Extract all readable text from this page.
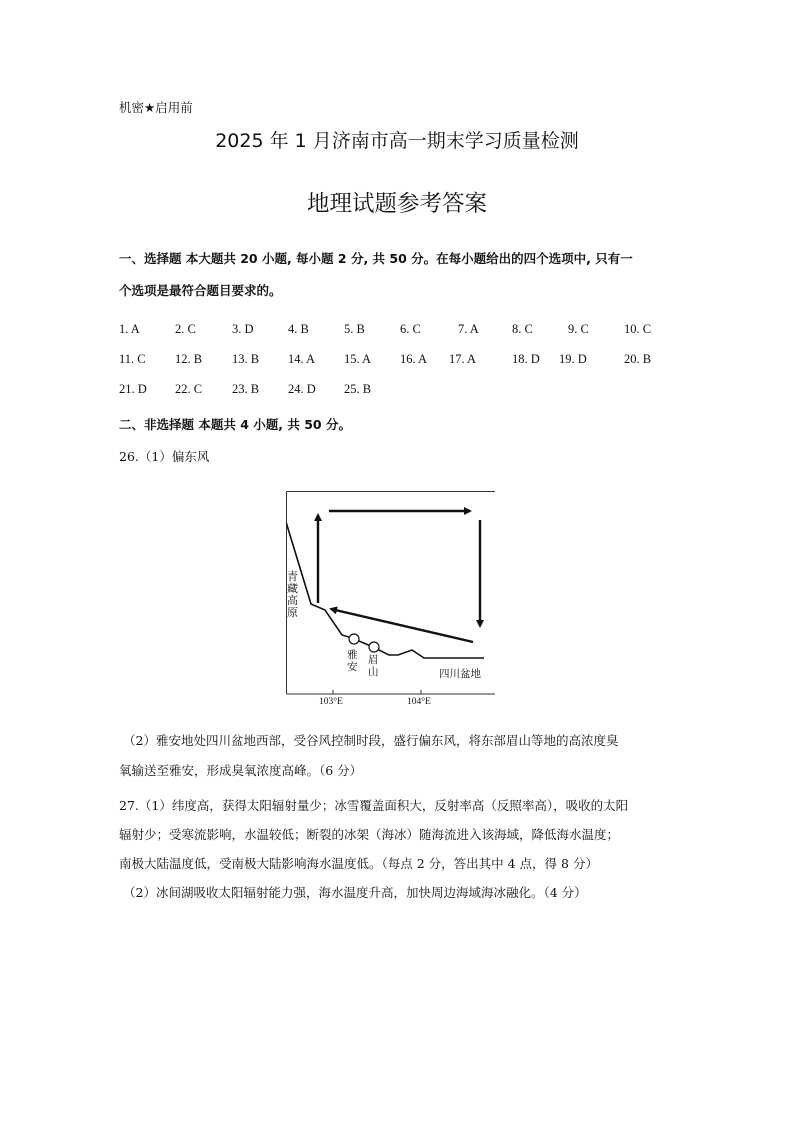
机密★启用前
2025 年 1 月济南市高一期末学习质量检测
地理试题参考答案
一、选择题 本大题共 20 小题, 每小题 2 分, 共 50 分。在每小题给出的四个选项中, 只有一
个选项是最符合题目要求的。
1. A	2. C	3. D	4. B	5. B	6. C	7. A	8. C	9. C	10. C
11. C 12. B 13. B 14. A 15. A 16. A 17. A	18. D 19. D	20. B
21. D 22. C 23. B 24. D 25. B
二、非选择题 本题共 4 小题, 共 50 分。
26.（1）偏东风
青
藏
高
原
雅
安
眉
山	四川盆地
103°E	104°E
（2）雅安地处四川盆地西部，受谷风控制时段，盛行偏东风，将东部眉山等地的高浓度臭
氧输送至雅安，形成臭氧浓度高峰。（6 分）
27.（1）纬度高，获得太阳辐射量少；冰雪覆盖面积大，反射率高（反照率高），吸收的太阳
辐射少；受寒流影响，水温较低；断裂的冰架（海冰）随海流进入该海域，降低海水温度；
南极大陆温度低，受南极大陆影响海水温度低。（每点 2 分，答出其中 4 点，得 8 分）
（2）冰间湖吸收太阳辐射能力强，海水温度升高，加快周边海域海冰融化。（4 分）
